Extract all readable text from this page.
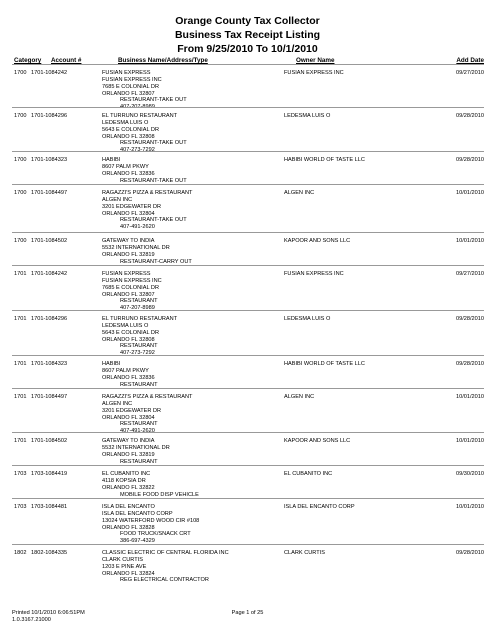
Orange County Tax Collector
Business Tax Receipt Listing
From 9/25/2010 To 10/1/2010
Category Account #	Business Name/Address/Type	Owner Name	Add Date
1700 1701-1084242	FUSIAN EXPRESS
FUSIAN EXPRESS INC
7685 E COLONIAL DR
ORLANDO FL 32807
RESTAURANT-TAKE OUT
407-207-8989
FUSIAN EXPRESS INC	09/27/2010
1700 1701-1084296	EL TURRUNO RESTAURANT
LEDESMA LUIS O
5643 E COLONIAL DR
ORLANDO FL 32808
RESTAURANT-TAKE OUT
407-273-7292
LEDESMA LUIS O	09/28/2010
1700 1701-1084323	HABIBI
8607 PALM PKWY
ORLANDO FL 32836
RESTAURANT-TAKE OUT
HABIBI WORLD OF TASTE LLC	09/28/2010
1700 1701-1084497	RAGAZZI'S PIZZA & RESTAURANT
ALGEN INC
3201 EDGEWATER DR
ORLANDO FL 32804
RESTAURANT-TAKE OUT
407-491-2620
ALGEN INC	10/01/2010
1700 1701-1084502	GATEWAY TO INDIA
5532 INTERNATIONAL DR
ORLANDO FL 32819
RESTAURANT-CARRY OUT
KAPOOR AND SONS LLC	10/01/2010
1701 1701-1084242	FUSIAN EXPRESS
FUSIAN EXPRESS INC
7685 E COLONIAL DR
ORLANDO FL 32807
RESTAURANT
407-207-8989
FUSIAN EXPRESS INC	09/27/2010
1701 1701-1084296	EL TURRUNO RESTAURANT
LEDESMA LUIS O
5643 E COLONIAL DR
ORLANDO FL 32808
RESTAURANT
407-273-7292
LEDESMA LUIS O	09/28/2010
1701 1701-1084323	HABIBI
8607 PALM PKWY
ORLANDO FL 32836
RESTAURANT
HABIBI WORLD OF TASTE LLC	09/28/2010
1701 1701-1084497	RAGAZZI'S PIZZA & RESTAURANT
ALGEN INC
3201 EDGEWATER DR
ORLANDO FL 32804
RESTAURANT
407-491-2620
ALGEN INC	10/01/2010
1701 1701-1084502	GATEWAY TO INDIA
5532 INTERNATIONAL DR
ORLANDO FL 32819
RESTAURANT
KAPOOR AND SONS LLC	10/01/2010
1703 1703-1084419	EL CUBANITO INC
4118 KOPSIA DR
ORLANDO FL 32822
MOBILE FOOD DISP VEHICLE
EL CUBANITO INC	09/30/2010
1703 1703-1084481	ISLA DEL ENCANTO
ISLA DEL ENCANTO CORP
13024 WATERFORD WOOD CIR #108
ORLANDO FL 32828
FOOD TRUCK/SNACK CRT
386-697-4329
ISLA DEL ENCANTO CORP	10/01/2010
1802 1802-1084335	CLASSIC ELECTRIC OF CENTRAL FLORIDA INC
CLARK CURTIS
1203 E PINE AVE
ORLANDO FL 32824
REG ELECTRICAL CONTRACTOR
CLARK CURTIS	09/28/2010
Printed 10/1/2010 6:06:51PM
1.0.3167.21000
Page 1 of 25
